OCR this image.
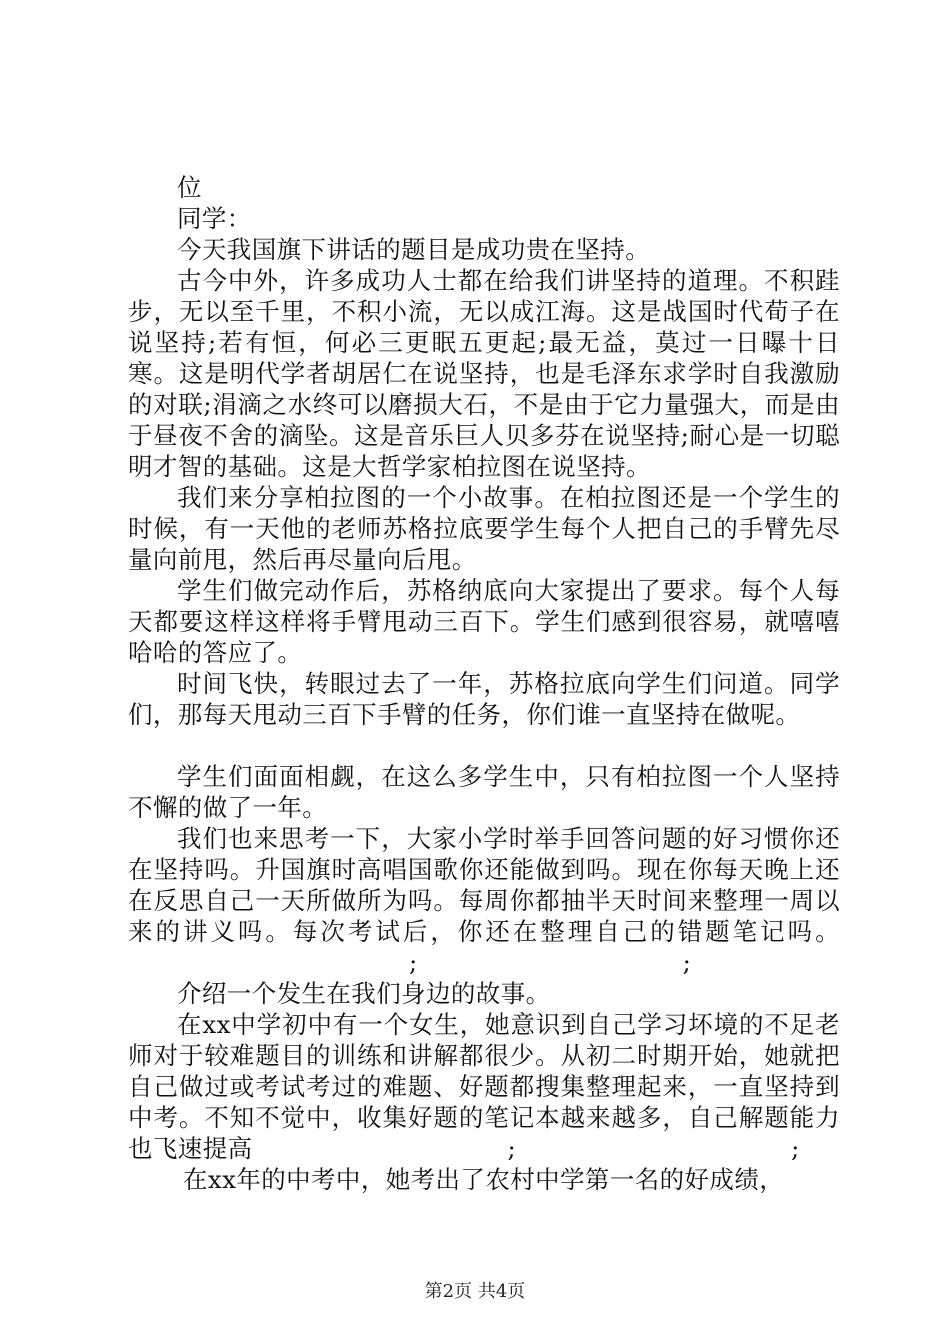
位

同学：

今天我国旗下讲话的题目是成功贵在坚持。

古今中外，许多成功人士都在给我们讲坚持的道理。不积跬步，无以至千里，不积小流，无以成江海。这是战国时代荀子在说坚持;若有恒，何必三更眠五更起;最无益，莫过一日曝十日寒。这是明代学者胡居仁在说坚持，也是毛泽东求学时自我激励的对联;涓滴之水终可以磨损大石，不是由于它力量强大，而是由于昼夜不舍的滴坠。这是音乐巨人贝多芬在说坚持;耐心是一切聪明才智的基础。这是大哲学家柏拉图在说坚持。

我们来分享柏拉图的一个小故事。在柏拉图还是一个学生的时候，有一天他的老师苏格拉底要学生每个人把自己的手臂先尽量向前甩，然后再尽量向后甩。

学生们做完动作后，苏格纳底向大家提出了要求。每个人每天都要这样这样将手臂甩动三百下。学生们感到很容易，就嘻嘻哈哈的答应了。

时间飞快，转眼过去了一年，苏格拉底向学生们问道。同学们，那每天甩动三百下手臂的任务，你们谁一直坚持在做呢。

学生们面面相觑，在这么多学生中，只有柏拉图一个人坚持不懈的做了一年。

我们也来思考一下，大家小学时举手回答问题的好习惯你还在坚持吗。升国旗时高唱国歌你还能做到吗。现在你每天晚上还在反思自己一天所做所为吗。每周你都抽半天时间来整理一周以来的讲义吗。每次考试后，你还在整理自己的错题笔记吗。;	;

介绍一个发生在我们身边的故事。

在xx中学初中有一个女生，她意识到自己学习坏境的不足老师对于较难题目的训练和讲解都很少。从初二时期开始，她就把自己做过或考试考过的难题、好题都搜集整理起来，一直坚持到中考。不知不觉中，收集好题的笔记本越来越多，自己解题能力也飞速提高	;	;

在xx年的中考中，她考出了农村中学第一名的好成绩，

第2页 共4页
